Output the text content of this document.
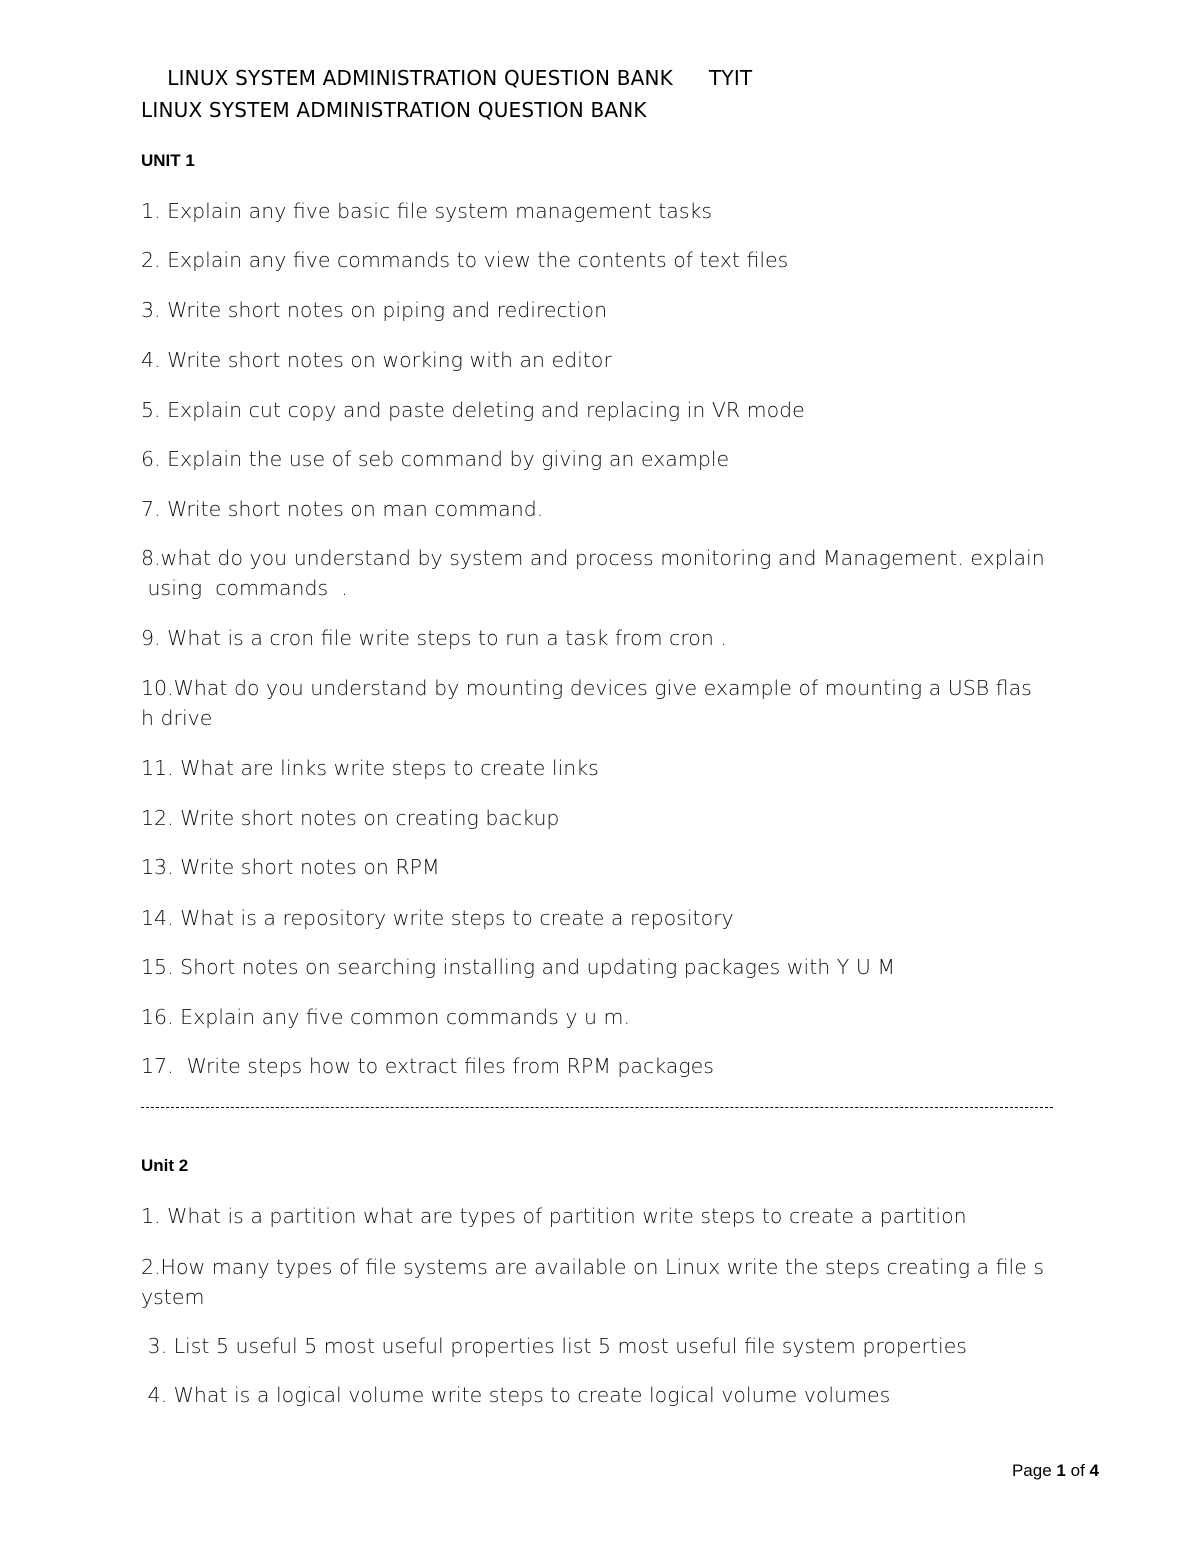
LINUX SYSTEM ADMINISTRATION QUESTION BANK TYIT

LINUX SYSTEM ADMINISTRATION QUESTION BANK
UNIT 1
1. Explain any five basic file system management tasks
2. Explain any five commands to view the contents of text files
3. Write short notes on piping and redirection
4. Write short notes on working with an editor
5. Explain cut copy and paste deleting and replacing in VR mode
6. Explain the use of seb command by giving an example
7. Write short notes on man command.
8.what do you understand by system and process monitoring and Management. explain
using  commands  .
9. What is a cron file write steps to run a task from cron .
10.What do you understand by mounting devices give example of mounting a USB flas
h drive
11. What are links write steps to create links
12. Write short notes on creating backup
13. Write short notes on RPM
14. What is a repository write steps to create a repository
15. Short notes on searching installing and updating packages with Y U M
16. Explain any five common commands y u m.
17.  Write steps how to extract files from RPM packages
Unit 2
1. What is a partition what are types of partition write steps to create a partition
2.How many types of file systems are available on Linux write the steps creating a file s
ystem
3. List 5 useful 5 most useful properties list 5 most useful file system properties
4. What is a logical volume write steps to create logical volume volumes
Page 1 of 4
